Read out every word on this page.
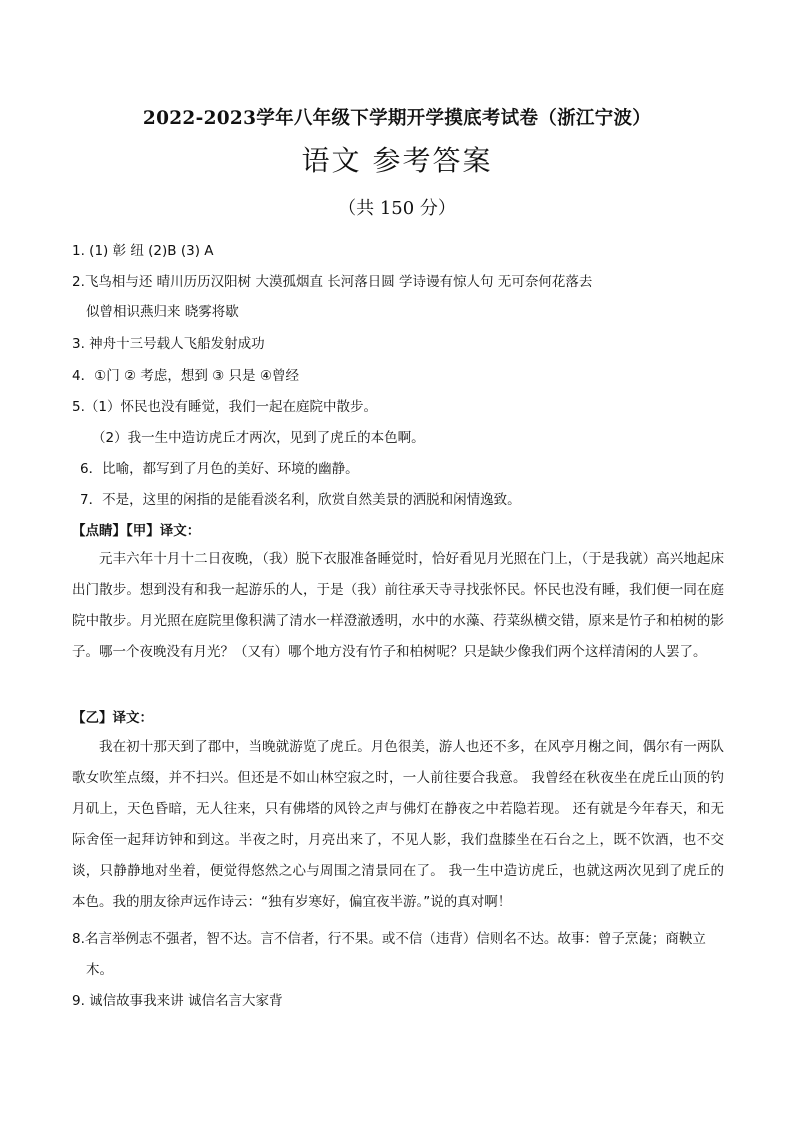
2022-2023学年八年级下学期开学摸底考试卷（浙江宁波）
语文 参考答案
（共 150 分）
1. (1) 彰 纽 (2)B (3) A
2.飞鸟相与还 晴川历历汉阳树 大漠孤烟直 长河落日圆 学诗谩有惊人句 无可奈何花落去
似曾相识燕归来 晓雾将歇
3. 神舟十三号载人飞船发射成功
4．①门 ② 考虑，想到 ③ 只是 ④曾经
5.（1）怀民也没有睡觉，我们一起在庭院中散步。
（2）我一生中造访虎丘才两次，见到了虎丘的本色啊。
6．比喻，都写到了月色的美好、环境的幽静。
7．不是，这里的闲指的是能看淡名利，欣赏自然美景的洒脱和闲情逸致。
【点睛】【甲】译文：
元丰六年十月十二日夜晚，（我）脱下衣服准备睡觉时，恰好看见月光照在门上，（于是我就）高兴地起床出门散步。想到没有和我一起游乐的人，于是（我）前往承天寺寻找张怀民。怀民也没有睡，我们便一同在庭院中散步。月光照在庭院里像积满了清水一样澄澈透明，水中的水藻、荇菜纵横交错，原来是竹子和柏树的影子。哪一个夜晚没有月光？（又有）哪个地方没有竹子和柏树呢？只是缺少像我们两个这样清闲的人罢了。
【乙】译文：
我在初十那天到了郡中，当晚就游览了虎丘。月色很美，游人也还不多，在风亭月榭之间，偶尔有一两队歌女吹笙点缀，并不扫兴。但还是不如山林空寂之时，一人前往要合我意。 我曾经在秋夜坐在虎丘山顶的钓月矶上，天色昏暗，无人往来，只有佛塔的风铃之声与佛灯在静夜之中若隐若现。 还有就是今年春天，和无际舍侄一起拜访钟和到这。半夜之时，月亮出来了，不见人影，我们盘膝坐在石台之上，既不饮酒，也不交谈，只静静地对坐着，便觉得悠然之心与周围之清景同在了。 我一生中造访虎丘，也就这两次见到了虎丘的本色。我的朋友徐声远作诗云：“独有岁寒好，偏宜夜半游。”说的真对啊！
8.名言举例志不强者，智不达。言不信者，行不果。或不信（违背）信则名不达。故事：曾子烹彘；商鞅立
木。
9. 诚信故事我来讲 诚信名言大家背
